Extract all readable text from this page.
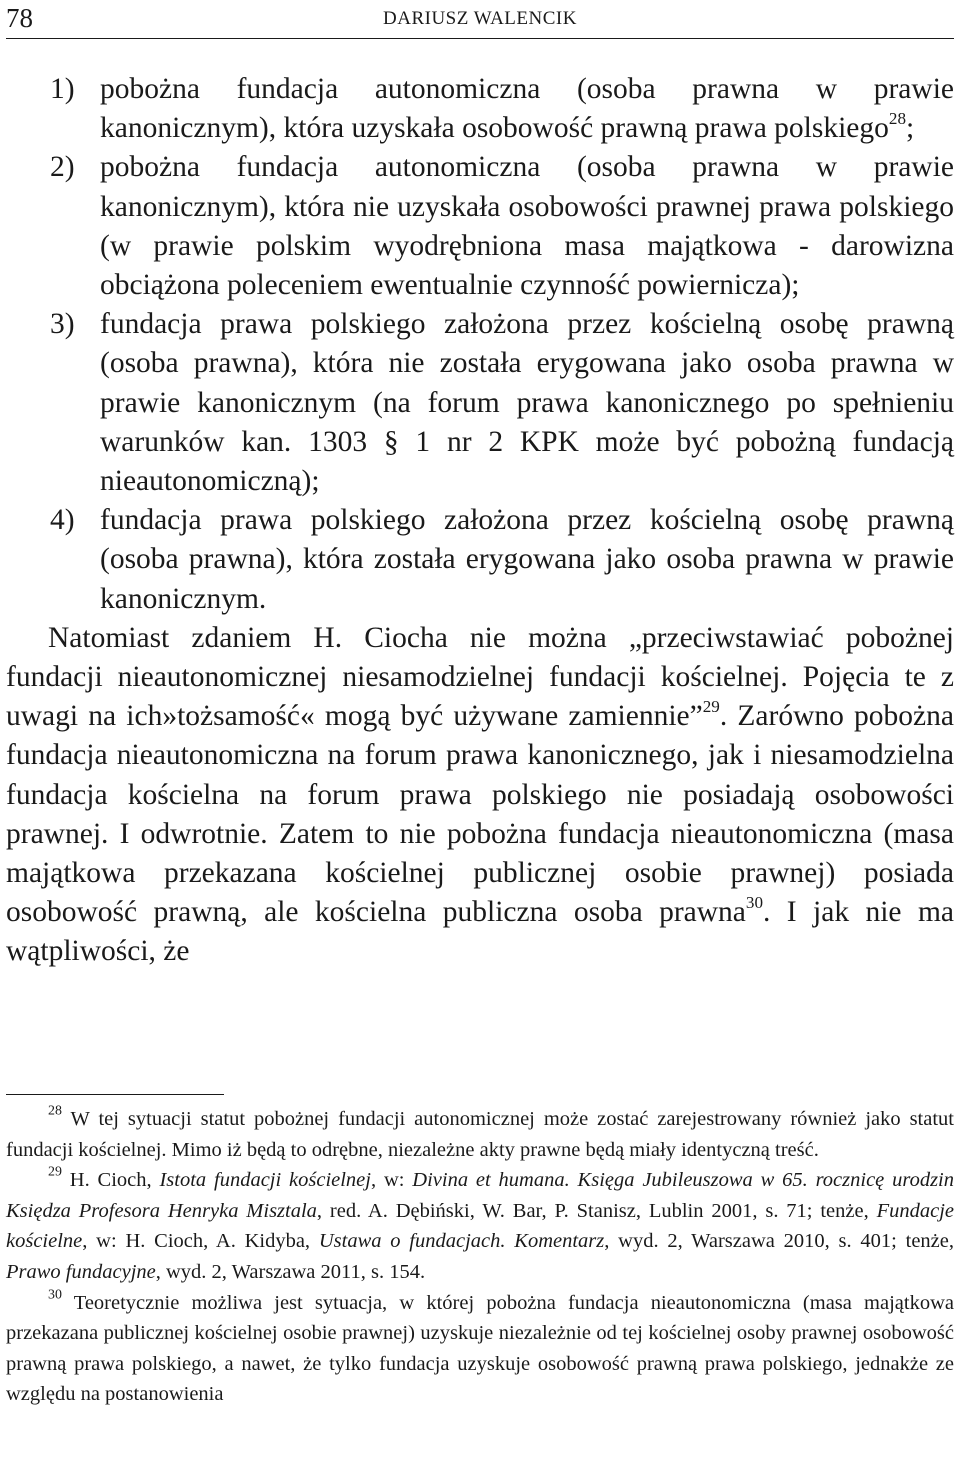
78	DARIUSZ WALENCIK
1) pobożna fundacja autonomiczna (osoba prawna w prawie kanonicznym), która uzyskała osobowość prawną prawa polskiego$^{28}$;
2) pobożna fundacja autonomiczna (osoba prawna w prawie kanonicznym), która nie uzyskała osobowości prawnej prawa polskiego (w prawie polskim wyodrębniona masa majątkowa - darowizna obciążona poleceniem ewentualnie czynność powiernicza);
3) fundacja prawa polskiego założona przez kościelną osobę prawną (osoba prawna), która nie została erygowana jako osoba prawna w prawie kanonicznym (na forum prawa kanonicznego po spełnieniu warunków kan. 1303 § 1 nr 2 KPK może być pobożną fundacją nieautonomiczną);
4) fundacja prawa polskiego założona przez kościelną osobę prawną (osoba prawna), która została erygowana jako osoba prawna w prawie kanonicznym.

Natomiast zdaniem H. Ciocha nie można „przeciwstawiać pobożnej fundacji nieautonomicznej niesamodzielnej fundacji kościelnej. Pojęcia te z uwagi na ich»tożsamość« mogą być używane zamiennie”$^{29}$. Zarówno pobożna fundacja nieautonomiczna na forum prawa kanonicznego, jak i niesamodzielna fundacja kościelna na forum prawa polskiego nie posiadają osobowości prawnej. I odwrotnie. Zatem to nie pobożna fundacja nieautonomiczna (masa majątkowa przekazana kościelnej publicznej osobie prawnej) posiada osobowość prawną, ale kościelna publiczna osoba prawna$^{30}$. I jak nie ma wątpliwości, że

$^{28}$ W tej sytuacji statut pobożnej fundacji autonomicznej może zostać zarejestrowany również jako statut fundacji kościelnej. Mimo iż będą to odrębne, niezależne akty prawne będą miały identyczną treść.

$^{29}$ H. Cioch, Istota fundacji kościelnej, w: Divina et humana. Księga Jubileuszowa w 65. rocznicę urodzin Księdza Profesora Henryka Misztala, red. A. Dębiński, W. Bar, P. Stanisz, Lublin 2001, s. 71; tenże, Fundacje kościelne, w: H. Cioch, A. Kidyba, Ustawa o fundacjach. Komentarz, wyd. 2, Warszawa 2010, s. 401; tenże, Prawo fundacyjne, wyd. 2, Warszawa 2011, s. 154.

$^{30}$ Teoretycznie możliwa jest sytuacja, w której pobożna fundacja nieautonomiczna (masa majątkowa przekazana publicznej kościelnej osobie prawnej) uzyskuje niezależnie od tej kościelnej osoby prawnej osobowość prawną prawa polskiego, a nawet, że tylko fundacja uzyskuje osobowość prawną prawa polskiego, jednakże ze względu na postanowienia
